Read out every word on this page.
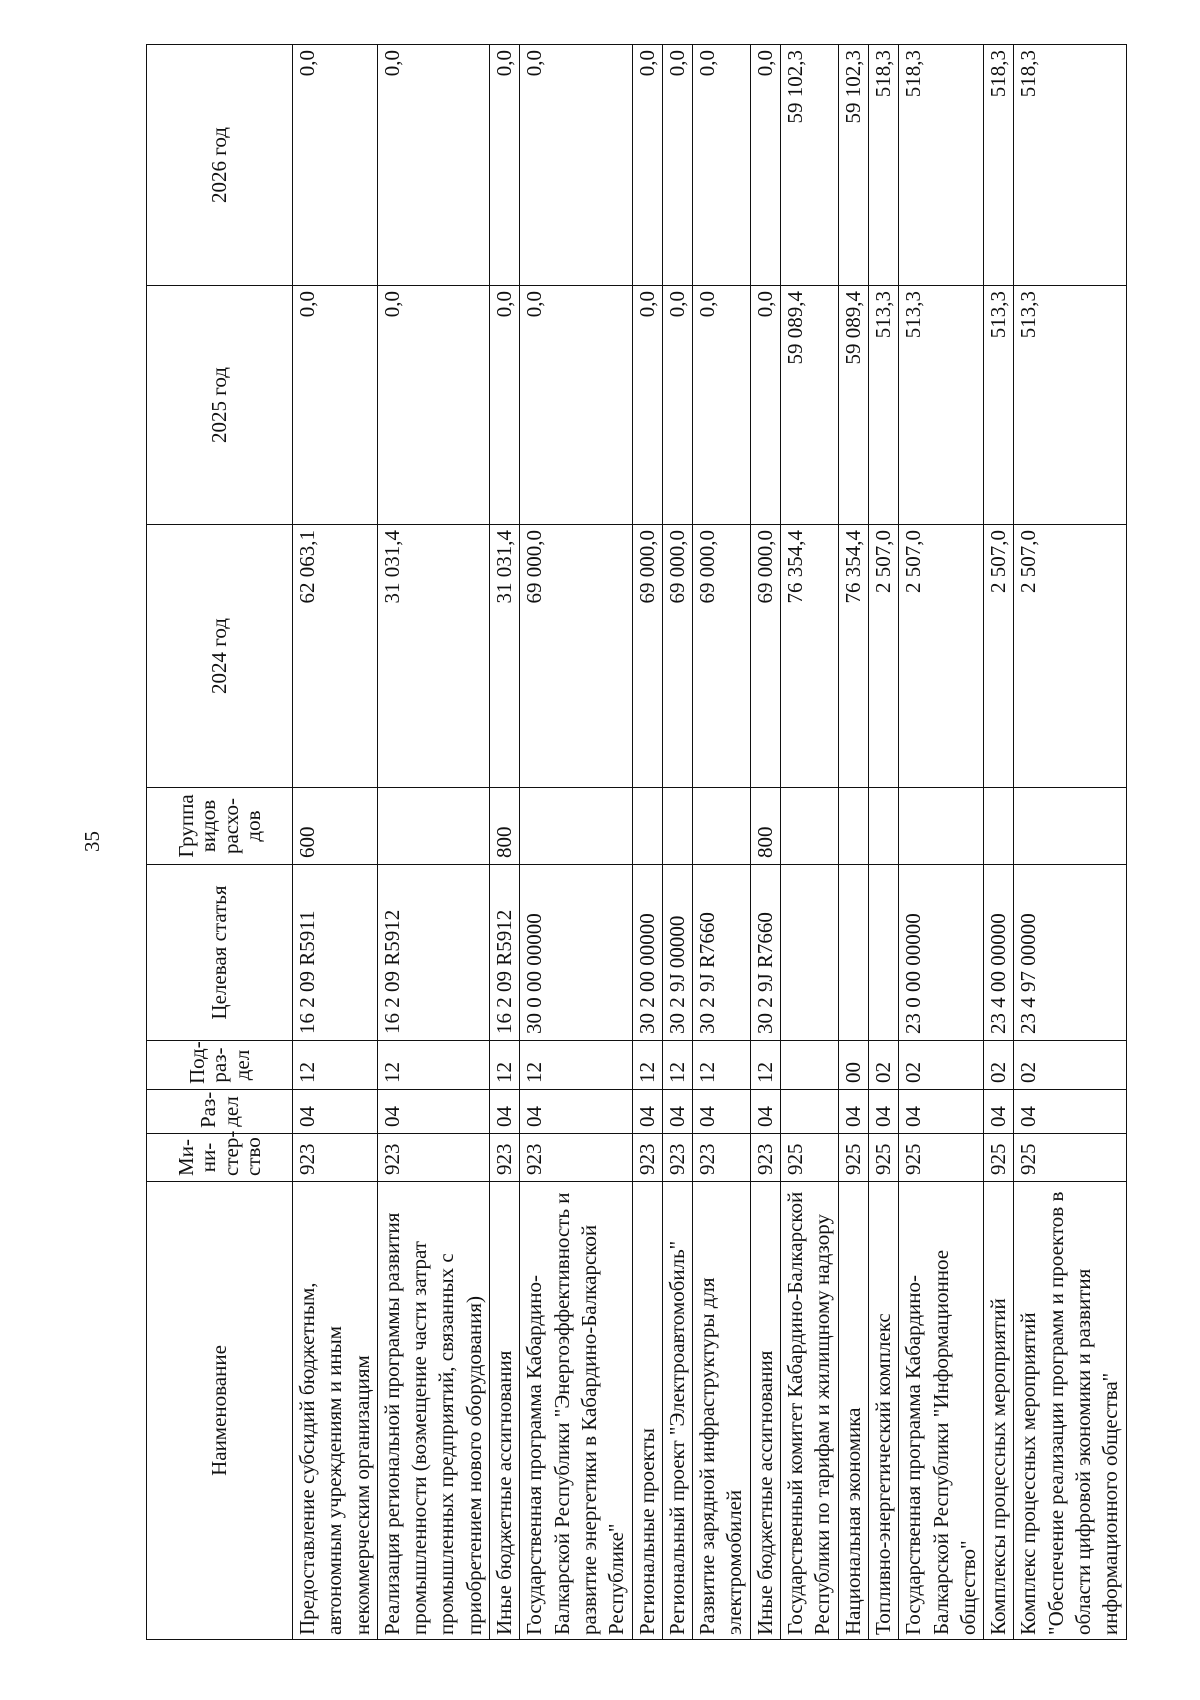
35
Наименование	Ми-
ни-
стер-
ство	Раз-
дел	Под-
раз-
дел	Целевая статья	Группа
видов
расхо-
дов	2024 год	2025 год	2026 год
Предоставление субсидий бюджетным, автономным учреждениям и иным некоммерческим организациям	923	04	12	16 2 09 R5911	600	62 063,1	0,0	0,0
Реализация региональной программы развития промышленности (возмещение части затрат промышленных предприятий, связанных с приобретением нового оборудования)	923	04	12	16 2 09 R5912		31 031,4	0,0	0,0
Иные бюджетные ассигнования	923	04	12	16 2 09 R5912	800	31 031,4	0,0	0,0
Государственная программа Кабардино-Балкарской Республики "Энергоэффективность и развитие энергетики в Кабардино-Балкарской Республике"	923	04	12	30 0 00 00000		69 000,0	0,0	0,0
Региональные проекты	923	04	12	30 2 00 00000		69 000,0	0,0	0,0
Региональный проект "Электроавтомобиль"	923	04	12	30 2 9J 00000		69 000,0	0,0	0,0
Развитие зарядной инфраструктуры для электромобилей	923	04	12	30 2 9J R7660		69 000,0	0,0	0,0
Иные бюджетные ассигнования	923	04	12	30 2 9J R7660	800	69 000,0	0,0	0,0
Государственный комитет Кабардино-Балкарской Республики по тарифам и жилищному надзору	925					76 354,4	59 089,4	59 102,3
Национальная экономика	925	04	00			76 354,4	59 089,4	59 102,3
Топливно-энергетический комплекс	925	04	02			2 507,0	513,3	518,3
Государственная программа Кабардино-Балкарской Республики "Информационное общество"	925	04	02	23 0 00 00000		2 507,0	513,3	518,3
Комплексы процессных мероприятий	925	04	02	23 4 00 00000		2 507,0	513,3	518,3
Комплекс процессных мероприятий "Обеспечение реализации программ и проектов в области цифровой экономики и развития информационного общества"	925	04	02	23 4 97 00000		2 507,0	513,3	518,3
